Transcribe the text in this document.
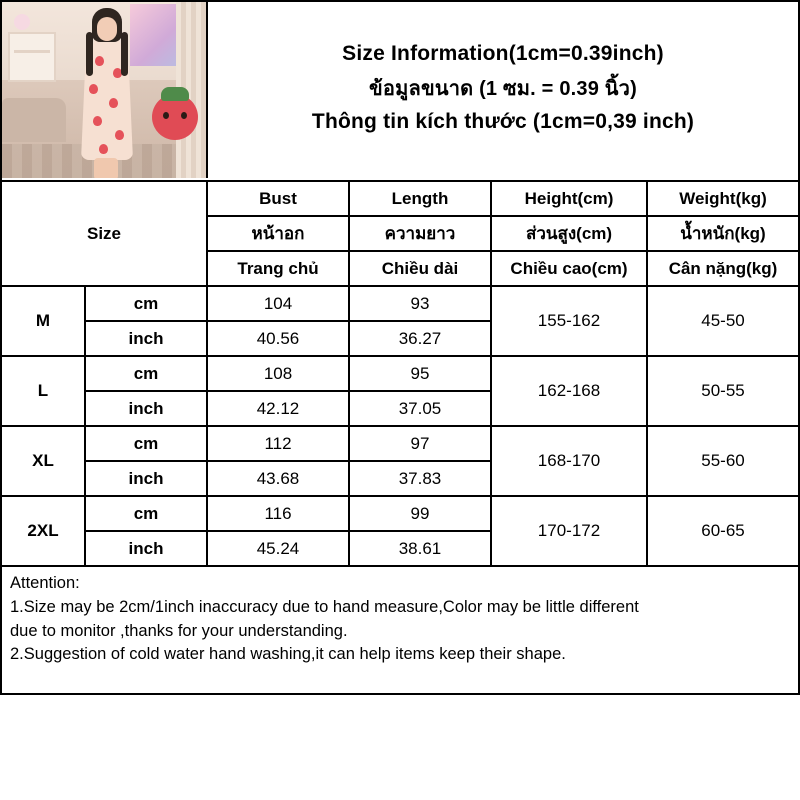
Size Information(1cm=0.39inch)
ข้อมูลขนาด (1 ซม. = 0.39 นิ้ว)
Thông tin kích thước (1cm=0,39 inch)
Size		Bust	Length	Height(cm)	Weight(kg)
		หน้าอก	ความยาว	ส่วนสูง(cm)	น้ำหนัก(kg)
		Trang chủ	Chiều dài	Chiều cao(cm)	Cân nặng(kg)
M	cm	104	93	155-162	45-50
	inch	40.56	36.27		
L	cm	108	95	162-168	50-55
	inch	42.12	37.05		
XL	cm	112	97	168-170	55-60
	inch	43.68	37.83		
2XL	cm	116	99	170-172	60-65
	inch	45.24	38.61		

Attention:

1.Size may be 2cm/1inch inaccuracy due to hand measure,Color may be little different

due to monitor ,thanks for your understanding.

2.Suggestion of cold water hand washing,it can help items keep their shape.
